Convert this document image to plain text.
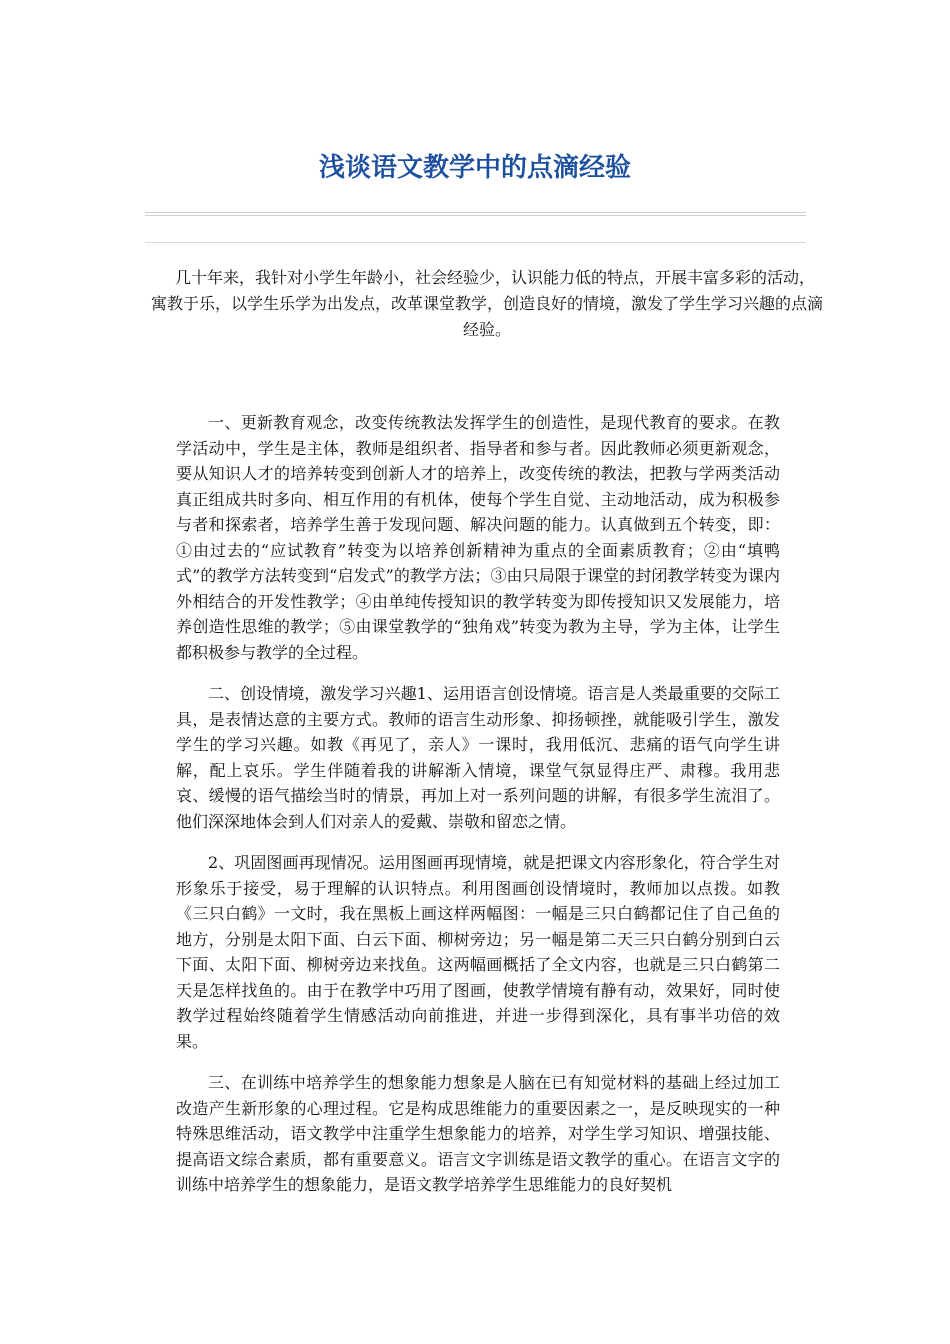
浅谈语文教学中的点滴经验

几十年来，我针对小学生年龄小，社会经验少，认识能力低的特点，开展丰富多彩的活动，
寓教于乐，以学生乐学为出发点，改革课堂教学，创造良好的情境，激发了学生学习兴趣的点滴经验。

一、更新教育观念，改变传统教法发挥学生的创造性，是现代教育的要求。在教学活动中，学生是主体，教师是组织者、指导者和参与者。因此教师必须更新观念，要从知识人才的培养转变到创新人才的培养上，改变传统的教法，把教与学两类活动真正组成共时多向、相互作用的有机体，使每个学生自觉、主动地活动，成为积极参与者和探索者，培养学生善于发现问题、解决问题的能力。认真做到五个转变，即：①由过去的“应试教育”转变为以培养创新精神为重点的全面素质教育；②由“填鸭式”的教学方法转变到“启发式”的教学方法；③由只局限于课堂的封闭教学转变为课内外相结合的开发性教学；④由单纯传授知识的教学转变为即传授知识又发展能力，培养创造性思维的教学；⑤由课堂教学的“独角戏”转变为教为主导，学为主体，让学生都积极参与教学的全过程。

二、创设情境，激发学习兴趣1、运用语言创设情境。语言是人类最重要的交际工具，是表情达意的主要方式。教师的语言生动形象、抑扬顿挫，就能吸引学生，激发学生的学习兴趣。如教《再见了，亲人》一课时，我用低沉、悲痛的语气向学生讲解，配上哀乐。学生伴随着我的讲解渐入情境，课堂气氛显得庄严、肃穆。我用悲哀、缓慢的语气描绘当时的情景，再加上对一系列问题的讲解，有很多学生流泪了。他们深深地体会到人们对亲人的爱戴、崇敬和留恋之情。

2、巩固图画再现情况。运用图画再现情境，就是把课文内容形象化，符合学生对形象乐于接受，易于理解的认识特点。利用图画创设情境时，教师加以点拨。如教《三只白鹤》一文时，我在黑板上画这样两幅图：一幅是三只白鹤都记住了自己鱼的地方，分别是太阳下面、白云下面、柳树旁边；另一幅是第二天三只白鹤分别到白云下面、太阳下面、柳树旁边来找鱼。这两幅画概括了全文内容，也就是三只白鹤第二天是怎样找鱼的。由于在教学中巧用了图画，使教学情境有静有动，效果好，同时使教学过程始终随着学生情感活动向前推进，并进一步得到深化，具有事半功倍的效果。

三、在训练中培养学生的想象能力想象是人脑在已有知觉材料的基础上经过加工改造产生新形象的心理过程。它是构成思维能力的重要因素之一，是反映现实的一种特殊思维活动，语文教学中注重学生想象能力的培养，对学生学习知识、增强技能、提高语文综合素质，都有重要意义。语言文字训练是语文教学的重心。在语言文字的训练中培养学生的想象能力，是语文教学培养学生思维能力的良好契机
